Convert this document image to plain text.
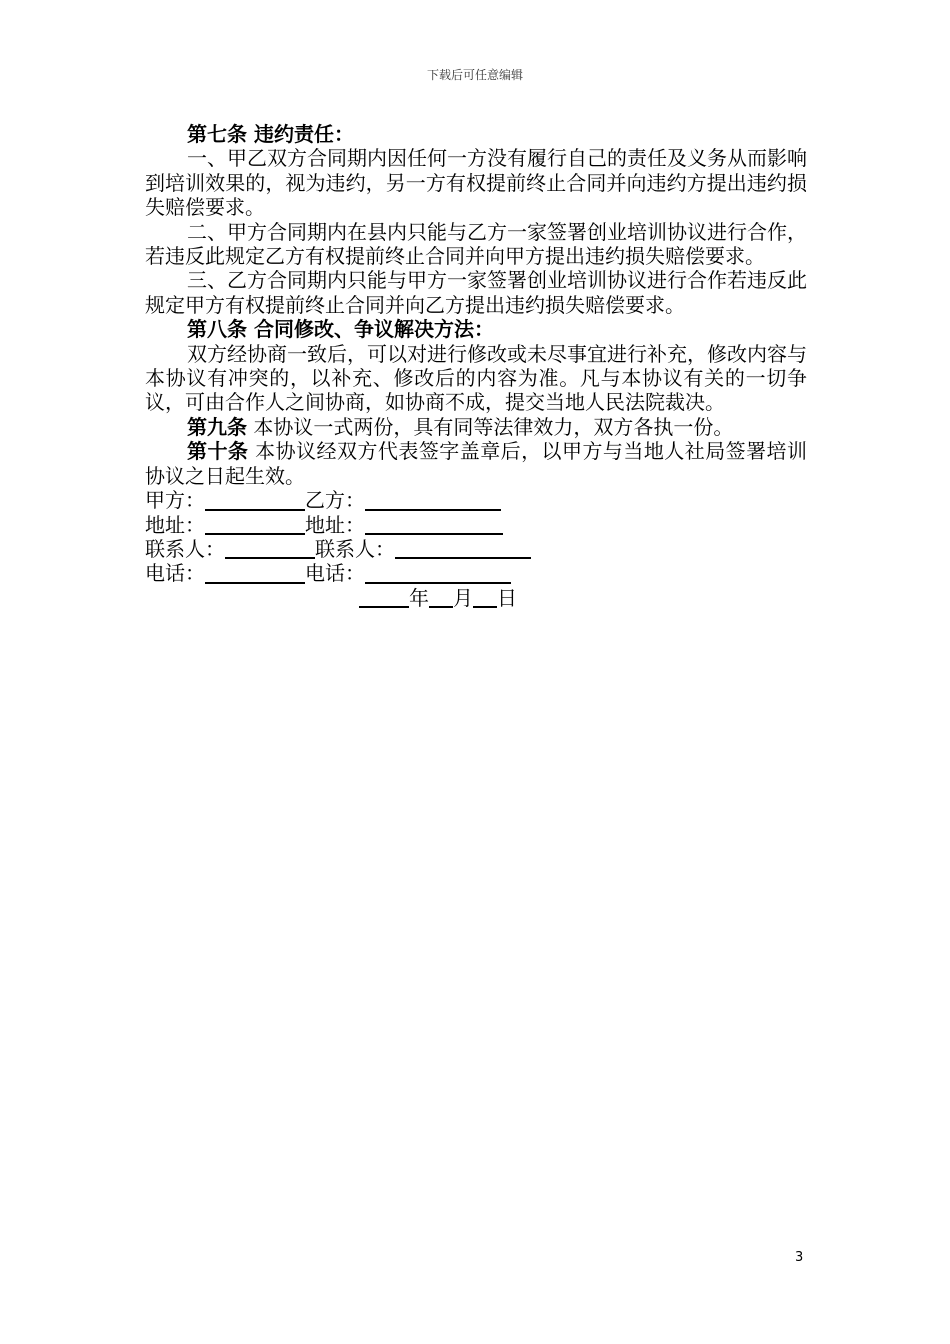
下载后可任意编辑

第七条 违约责任：

一、甲乙双方合同期内因任何一方没有履行自己的责任及义务从而影响到培训效果的，视为违约，另一方有权提前终止合同并向违约方提出违约损失赔偿要求。

二、甲方合同期内在县内只能与乙方一家签署创业培训协议进行合作，若违反此规定乙方有权提前终止合同并向甲方提出违约损失赔偿要求。

三、乙方合同期内只能与甲方一家签署创业培训协议进行合作若违反此规定甲方有权提前终止合同并向乙方提出违约损失赔偿要求。

第八条 合同修改、争议解决方法：

双方经协商一致后，可以对进行修改或未尽事宜进行补充，修改内容与本协议有冲突的，以补充、修改后的内容为准。凡与本协议有关的一切争议，可由合作人之间协商，如协商不成，提交当地人民法院裁决。

第九条 本协议一式两份，具有同等法律效力，双方各执一份。

第十条 本协议经双方代表签字盖章后，以甲方与当地人社局签署培训协议之日起生效。

甲方：	乙方：
地址：	地址：
联系人：	联系人：
电话：	电话：
年 月 日
3
